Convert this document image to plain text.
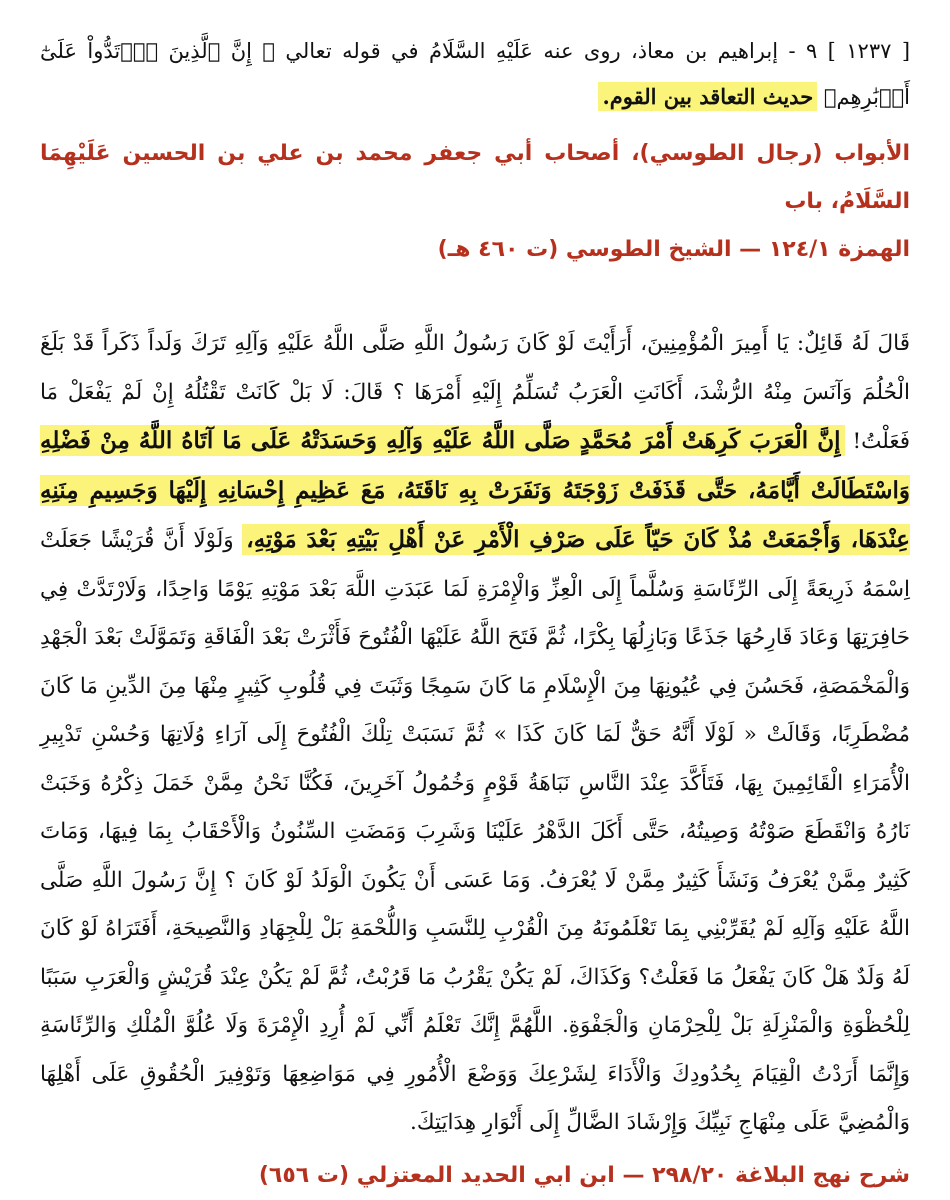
[ ١٢٣٧ ] ٩ - إبراهيم بن معاذ، روى عنه عَلَيْهِ السَّلَامُ في قوله تعالي ﴿ إِنَّ ٱلَّذِينَ ٱرۡتَدُّواْ عَلَىٰٓ أَدۡبَٰرِهِم﴾ حديث التعاقد بين القوم.

الأبواب (رجال الطوسي)، أصحاب أبي جعفر محمد بن علي بن الحسين عَلَيْهِمَا السَّلَامُ، باب
الهمزة ١٢٤/١ — الشيخ الطوسي (ت ٤٦٠ هـ)

قَالَ لَهُ قَائِلٌ: يَا أَمِيرَ الْمُؤْمِنِينَ، أَرَأَيْتَ لَوْ كَانَ رَسُولُ اللَّهِ صَلَّى اللَّهُ عَلَيْهِ وَآلِهِ تَرَكَ وَلَداً ذَكَراً قَدْ بَلَغَ الْحُلُمَ وَآنَسَ مِنْهُ الرُّشْدَ، أَكَانَتِ الْعَرَبُ تُسَلِّمُ إِلَيْهِ أَمْرَهَا ؟ قَالَ: لَا بَلْ كَانَتْ تَقْتُلُهُ إِنْ لَمْ يَفْعَلْ مَا فَعَلْتُ! إِنَّ الْعَرَبَ كَرِهَتْ أَمْرَ مُحَمَّدٍ صَلَّى اللَّهُ عَلَيْهِ وَآلِهِ وَحَسَدَتْهُ عَلَى مَا آتَاهُ اللَّهُ مِنْ فَضْلِهِ وَاسْتَطَالَتْ أَيَّامَهُ، حَتَّى قَذَفَتْ زَوْجَتَهُ وَنَفَرَتْ بِهِ نَاقَتَهُ، مَعَ عَظِيمِ إِحْسَانِهِ إِلَيْهَا وَجَسِيمِ مِنَنِهِ عِنْدَهَا، وَأَجْمَعَتْ مُذْ كَانَ حَيّاً عَلَى صَرْفِ الْأَمْرِ عَنْ أَهْلِ بَيْتِهِ بَعْدَ مَوْتِهِ، وَلَوْلَا أَنَّ قُرَيْشًا جَعَلَتْ اِسْمَهُ ذَرِيعَةً إِلَى الرِّئَاسَةِ وَسُلَّماً إِلَى الْعِزِّ وَالْإِمْرَةِ لَمَا عَبَدَتِ اللَّهَ بَعْدَ مَوْتِهِ يَوْمًا وَاحِدًا، وَلَارْتَدَّتْ فِي حَافِرَتِهَا وَعَادَ قَارِحُهَا جَذَعًا وَبَازِلُهَا بِكْرًا، ثُمَّ فَتَحَ اللَّهُ عَلَيْهَا الْفُتُوحَ فَأَثْرَتْ بَعْدَ الْفَاقَةِ وَتَمَوَّلَتْ بَعْدَ الْجَهْدِ وَالْمَخْمَصَةِ، فَحَسُنَ فِي عُيُونِهَا مِنَ الْإِسْلَامِ مَا كَانَ سَمِجًا وَثَبَتَ فِي قُلُوبِ كَثِيرٍ مِنْهَا مِنَ الدِّينِ مَا كَانَ مُضْطَرِبًا، وَقَالَتْ « لَوْلَا أَنَّهُ حَقٌّ لَمَا كَانَ كَذَا » ثُمَّ نَسَبَتْ تِلْكَ الْفُتُوحَ إِلَى آرَاءِ وُلَاتِهَا وَحُسْنِ تَدْبِيرِ الْأُمَرَاءِ الْقَائِمِينَ بِهَا، فَتَأَكَّدَ عِنْدَ النَّاسِ نَبَاهَةُ قَوْمٍ وَخُمُولُ آخَرِينَ، فَكُنَّا نَحْنُ مِمَّنْ خَمَلَ ذِكْرُهُ وَخَبَتْ نَارُهُ وَانْقَطَعَ صَوْتُهُ وَصِيتُهُ، حَتَّى أَكَلَ الدَّهْرُ عَلَيْنَا وَشَرِبَ وَمَضَتِ السِّنُونُ وَالْأَحْقَابُ بِمَا فِيهَا، وَمَاتَ كَثِيرٌ مِمَّنْ يُعْرَفُ وَنَشَأَ كَثِيرٌ مِمَّنْ لَا يُعْرَفُ. وَمَا عَسَى أَنْ يَكُونَ الْوَلَدُ لَوْ كَانَ ؟ إِنَّ رَسُولَ اللَّهِ صَلَّى اللَّهُ عَلَيْهِ وَآلِهِ لَمْ يُقَرِّبْنِي بِمَا تَعْلَمُونَهُ مِنَ الْقُرْبِ لِلنَّسَبِ وَاللُّحْمَةِ بَلْ لِلْجِهَادِ وَالنَّصِيحَةِ، أَفَتَرَاهُ لَوْ كَانَ لَهُ وَلَدٌ هَلْ كَانَ يَفْعَلُ مَا فَعَلْتُ؟ وَكَذَاكَ، لَمْ يَكُنْ يَقْرُبُ مَا قَرُبْتُ، ثُمَّ لَمْ يَكُنْ عِنْدَ قُرَيْشٍ وَالْعَرَبِ سَبَبًا لِلْحُظْوَةِ وَالْمَنْزِلَةِ بَلْ لِلْحِرْمَانِ وَالْجَفْوَةِ. اللَّهُمَّ إِنَّكَ تَعْلَمُ أَنِّي لَمْ أُرِدِ الْإِمْرَةَ وَلَا عُلُوَّ الْمُلْكِ وَالرِّئَاسَةِ وَإِنَّمَا أَرَدْتُ الْقِيَامَ بِحُدُودِكَ وَالْأَدَاءَ لِشَرْعِكَ وَوَضْعَ الْأُمُورِ فِي مَوَاضِعِهَا وَتَوْفِيرَ الْحُقُوقِ عَلَى أَهْلِهَا وَالْمُضِيَّ عَلَى مِنْهَاجِ نَبِيِّكَ وَإِرْشَادَ الضَّالِّ إِلَى أَنْوَارِ هِدَايَتِكَ.

شرح نهج البلاغة ٢٩٨/٢٠ — ابن ابي الحديد المعتزلي (ت ٦٥٦)
